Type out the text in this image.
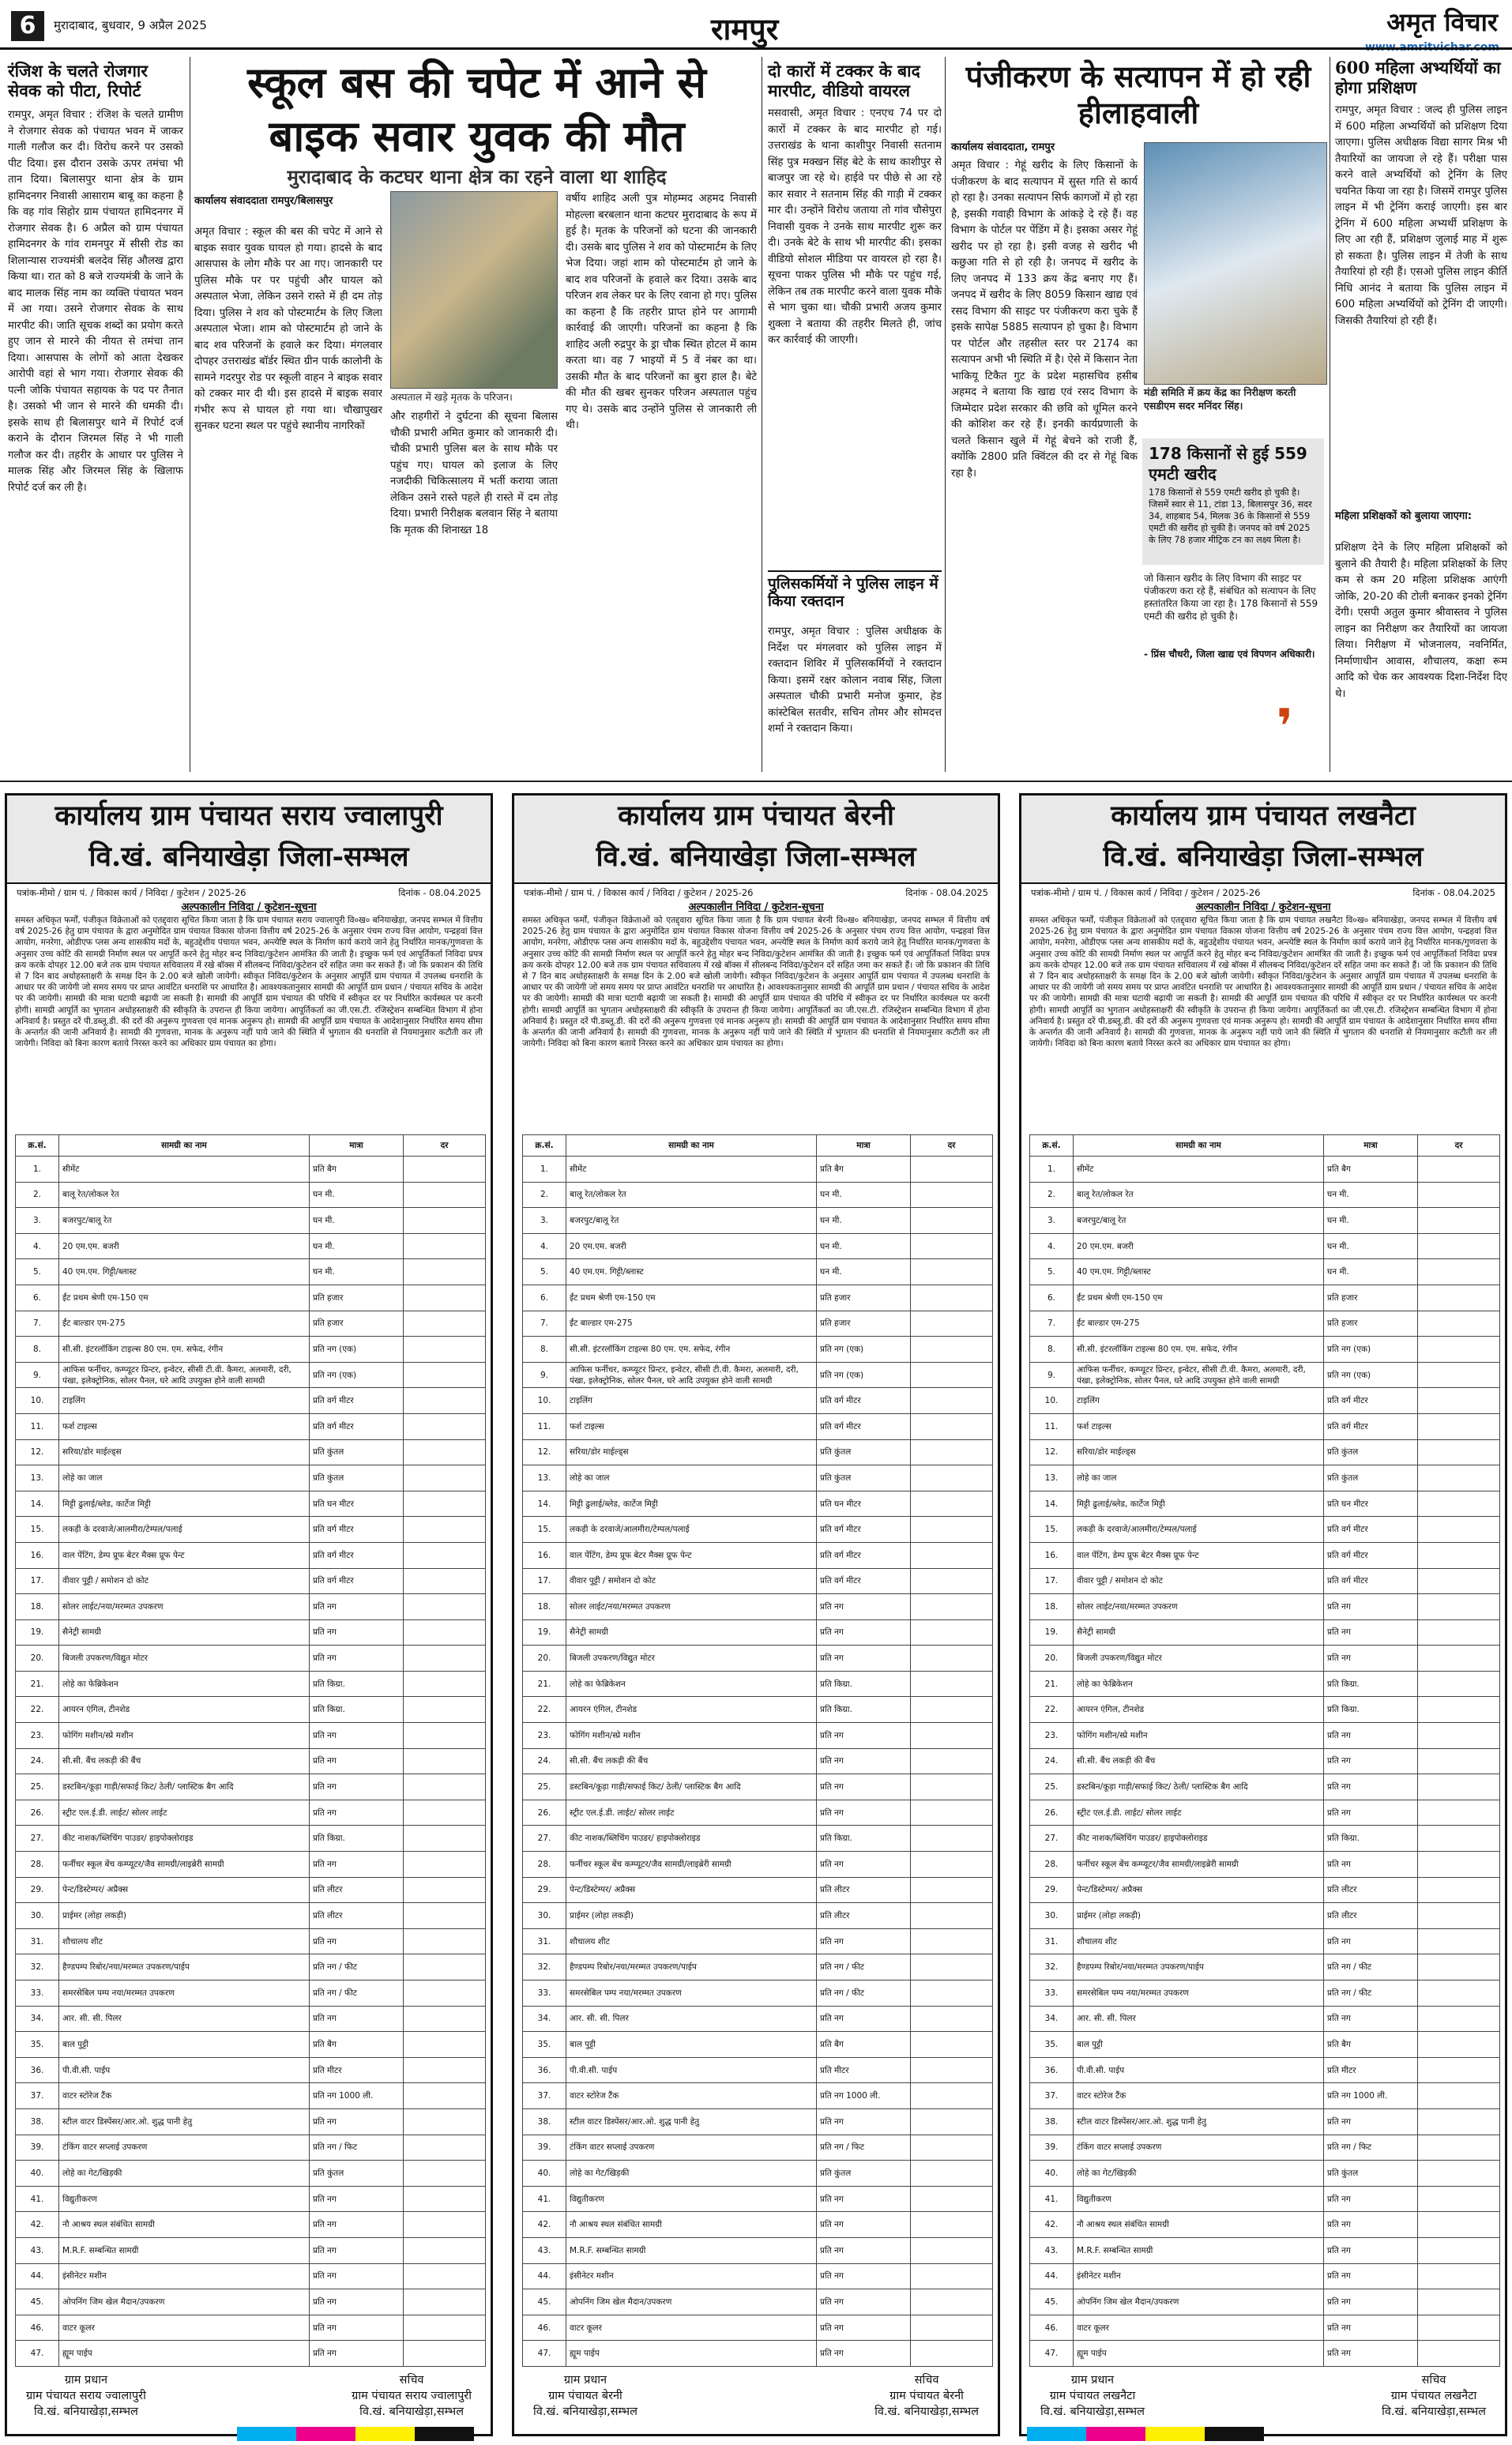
6	मुरादाबाद, बुधवार, 9 अप्रैल 2025	रामपुर	अमृत विचार
रंजिश के चलते रोजगार सेवक को पीटा, रिपोर्ट
रामपुर, अमृत विचार : रंजिश के चलते ग्रामीण ने रोजगार सेवक को पंचायत भवन में जाकर गाली गलौज कर दी। विरोध करने पर उसको पीट दिया। इस दौरान उसके ऊपर तमंचा भी तान दिया। बिलासपुर थाना क्षेत्र के ग्राम हामिदनगर निवासी आसाराम बाबू का कहना है कि वह गांव सिहोर ग्राम पंचायत हामिदनगर में रोजगार सेवक है। 6 अप्रैल को ग्राम पंचायत हामिदनगर के गांव रामनपुर में सीसी रोड का शिलान्यास राज्यमंत्री बलदेव सिंह औलख द्वारा किया था। रात को 8 बजे राज्यमंत्री के जाने के बाद मालक सिंह नाम का व्यक्ति पंचायत भवन में आ गया। उसने रोजगार सेवक के साथ मारपीट की। जाति सूचक शब्दों का प्रयोग करते हुए जान से मारने की नीयत से तमंचा तान दिया। आसपास के लोगों को आता देखकर आरोपी वहां से भाग गया। रोजगार सेवक की पत्नी जोकि पंचायत सहायक के पद पर तैनात है। उसको भी जान से मारने की धमकी दी। इसके साथ ही बिलासपुर थाने में रिपोर्ट दर्ज कराने के दौरान जिरमल सिंह ने भी गाली गलौज कर दी। तहरीर के आधार पर पुलिस ने मालक सिंह और जिरमल सिंह के खिलाफ रिपोर्ट दर्ज कर ली है।
स्कूल बस की चपेट में आने से
बाइक सवार युवक की मौत
मुरादाबाद के कटघर थाना क्षेत्र का रहने वाला था शाहिद
कार्यालय संवाददाता रामपुर/बिलासपुर
अमृत विचार : स्कूल की बस की चपेट में आने से बाइक सवार युवक घायल हो गया। हादसे के बाद आसपास के लोग मौके पर आ गए। जानकारी पर पुलिस मौके पर पर पहुंची और घायल को अस्पताल भेजा, लेकिन उसने रास्ते में ही दम तोड़ दिया। पुलिस ने शव को पोस्टमार्टम के लिए जिला अस्पताल भेजा। शाम को पोस्टमार्टम हो जाने के बाद शव परिजनों के हवाले कर दिया। मंगलवार दोपहर उत्तराखंड बॉर्डर स्थित ग्रीन पार्क कालोनी के सामने गदरपुर रोड पर स्कूली वाहन ने बाइक सवार को टक्कर मार दी थी। इस हादसे में बाइक सवार गंभीर रूप से घायल हो गया था। चौखापुखर सुनकर घटना स्थल पर पहुंचे स्थानीय नागरिकों
अस्पताल में खड़े मृतक के परिजन।
और राहगीरों ने दुर्घटना की सूचना बिलास चौकी प्रभारी अमित कुमार को जानकारी दी। चौकी प्रभारी पुलिस बल के साथ मौके पर पहुंच गए। घायल को इलाज के लिए नजदीकी चिकित्सालय में भर्ती कराया जाता लेकिन उसने रास्ते पहले ही रास्ते में दम तोड़ दिया। प्रभारी निरीक्षक बलवान सिंह ने बताया कि मृतक की शिनाख्त 18
वर्षीय शाहिद अली पुत्र मोहम्मद अहमद निवासी मोहल्ला बरबलान थाना कटघर मुरादाबाद के रूप में हुई है। मृतक के परिजनों को घटना की जानकारी दी। उसके बाद पुलिस ने शव को पोस्टमार्टम के लिए भेज दिया। जहां शाम को पोस्टमार्टम हो जाने के बाद शव परिजनों के हवाले कर दिया। उसके बाद परिजन शव लेकर घर के लिए रवाना हो गए। पुलिस का कहना है कि तहरीर प्राप्त होने पर आगामी कार्रवाई की जाएगी। परिजनों का कहना है कि शाहिद अली रुद्रपुर के ड्रा चौक स्थित होटल में काम करता था। वह 7 भाइयों में 5 वें नंबर का था। उसकी मौत के बाद परिजनों का बुरा हाल है। बेटे की मौत की खबर सुनकर परिजन अस्पताल पहुंच गए थे। उसके बाद उन्होंने पुलिस से जानकारी ली थी।
दो कारों में टक्कर के बाद मारपीट, वीडियो वायरल
मसवासी, अमृत विचार : एनएच 74 पर दो कारों में टक्कर के बाद मारपीट हो गई। उत्तराखंड के थाना काशीपुर निवासी सतनाम सिंह पुत्र मक्खन सिंह बेटे के साथ काशीपुर से बाजपुर जा रहे थे। हाईवे पर पीछे से आ रहे कार सवार ने सतनाम सिंह की गाड़ी में टक्कर मार दी। उन्होंने विरोध जताया तो गांव चौसेपुरा निवासी युवक ने उनके साथ मारपीट शुरू कर दी। उनके बेटे के साथ भी मारपीट की। इसका वीडियो सोशल मीडिया पर वायरल हो रहा है। सूचना पाकर पुलिस भी मौके पर पहुंच गई, लेकिन तब तक मारपीट करने वाला युवक मौके से भाग चुका था। चौकी प्रभारी अजय कुमार शुक्ला ने बताया की तहरीर मिलते ही, जांच कर कार्रवाई की जाएगी।
पुलिसकर्मियों ने पुलिस लाइन में किया रक्तदान
रामपुर, अमृत विचार : पुलिस अधीक्षक के निर्देश पर मंगलवार को पुलिस लाइन में रक्तदान शिविर में पुलिसकर्मियों ने रक्तदान किया। इसमें रक्षर कोलान नवाब सिंह, जिला अस्पताल चौकी प्रभारी मनोज कुमार, हेड कांस्टेबिल सतवीर, सचिन तोमर और सोमदत्त शर्मा ने रक्तदान किया।
पंजीकरण के सत्यापन में हो रही हीलाहवाली
कार्यालय संवाददाता, रामपुर
अमृत विचार : गेहूं खरीद के लिए किसानों के पंजीकरण के बाद सत्यापन में सुस्त गति से कार्य हो रहा है। उनका सत्यापन सिर्फ कागजों में हो रहा है, इसकी गवाही विभाग के आंकड़े दे रहे हैं। वह विभाग के पोर्टल पर पेंडिंग में है। इसका असर गेहूं खरीद पर हो रहा है। इसी वजह से खरीद भी कछुआ गति से हो रही है। जनपद में खरीद के लिए जनपद में 133 क्रय केंद्र बनाए गए हैं। जनपद में खरीद के लिए 8059 किसान खाद्य एवं रसद विभाग की साइट पर पंजीकरण करा चुके हैं इसके सापेक्ष 5885 सत्यापन हो चुका है। विभाग पर पोर्टल और तहसील स्तर पर 2174 का सत्यापन अभी भी स्थिति में है। ऐसे में किसान नेता भाकियू टिकैत गुट के प्रदेश महासचिव हसीब अहमद ने बताया कि खाद्य एवं रसद विभाग के जिम्मेदार प्रदेश सरकार की छवि को धूमिल करने की कोशिश कर रहे हैं। इनकी कार्यप्रणाली के चलते किसान खुले में गेहूं बेचने को राजी हैं, क्योंकि 2800 प्रति क्विंटल की दर से गेहूं बिक रहा है।
मंडी समिति में क्रय केंद्र का निरीक्षण करती एसडीएम सदर मनिंदर सिंह।
178 किसानों से हुई 559 एमटी खरीद
178 किसानों से 559 एमटी खरीद हो चुकी है। जिसमें स्वार से 11, टांडा 13, बिलासपुर 36, सदर 34, शाहबाद 54, मिलक 36 के किसानों से 559 एमटी की खरीद हो चुकी है। जनपद को वर्ष 2025 के लिए 78 हजार मीट्रिक टन का लक्ष्य मिला है।
जो किसान खरीद के लिए विभाग की साइट पर पंजीकरण करा रहे हैं, संबंधित को सत्यापन के लिए हस्तांतरित किया जा रहा है। 178 किसानों से 559 एमटी की खरीद हो चुकी है।
- प्रिंस चौधरी, जिला खाद्य एवं विपणन अधिकारी।
❜
600 महिला अभ्यर्थियों का होगा प्रशिक्षण
रामपुर, अमृत विचार : जल्द ही पुलिस लाइन में 600 महिला अभ्यर्थियों को प्रशिक्षण दिया जाएगा। पुलिस अधीक्षक विद्या सागर मिश्र भी तैयारियों का जायजा ले रहे हैं। परीक्षा पास करने वाले अभ्यर्थियों को ट्रेनिंग के लिए चयनित किया जा रहा है। जिसमें रामपुर पुलिस लाइन में भी ट्रेनिंग कराई जाएगी। इस बार ट्रेनिंग में 600 महिला अभ्यर्थी प्रशिक्षण के लिए आ रही हैं, प्रशिक्षण जुलाई माह में शुरू हो सकता है। पुलिस लाइन में तेजी के साथ तैयारियां हो रही हैं। एसओ पुलिस लाइन कीर्ति निधि आनंद ने बताया कि पुलिस लाइन में 600 महिला अभ्यर्थियों को ट्रेनिंग दी जाएगी। जिसकी तैयारियां हो रही हैं।
महिला प्रशिक्षकों को बुलाया जाएगा:
प्रशिक्षण देने के लिए महिला प्रशिक्षकों को बुलाने की तैयारी है। महिला प्रशिक्षकों के लिए कम से कम 20 महिला प्रशिक्षक आएंगी जोकि, 20-20 की टोली बनाकर इनको ट्रेनिंग देंगी। एसपी अतुल कुमार श्रीवास्तव ने पुलिस लाइन का निरीक्षण कर तैयारियों का जायजा लिया। निरीक्षण में भोजनालय, नवनिर्मित, निर्माणाधीन आवास, शौचालय, कक्षा रूम आदि को चेक कर आवश्यक दिशा-निर्देश दिए थे।
कार्यालय ग्राम पंचायत सराय ज्वालापुरी
वि.खं. बनियाखेड़ा जिला-सम्भल
पत्रांक-मीमो / ग्राम पं. / विकास कार्य / निविदा / कुटेशन / 2025-26	दिनांक - 08.04.2025
अल्पकालीन निविदा / कुटेशन-सूचना
समस्त अधिकृत फर्मों, पंजीकृत विक्रेताओं को एतद्द्वारा सूचित किया जाता है कि ग्राम पंचायत सराय ज्वालापुरी वि०ख० बनियाखेड़ा, जनपद सम्भल में वित्तीय वर्ष 2025-26 हेतु ग्राम पंचायत के द्वारा अनुमोदित ग्राम पंचायत विकास योजना वित्तीय वर्ष 2025-26 के अनुसार पंचम राज्य वित्त आयोग, पन्द्रहवां वित्त आयोग, मनरेगा, ओडीएफ प्लस अन्य शासकीय मदों के, बहुउद्देशीय पंचायत भवन, अन्त्येष्टि स्थल के निर्माण कार्य कराये जाने हेतु निर्धारित मानक/गुणवत्ता के अनुसार उच्च कोटि की सामग्री निर्माण स्थल पर आपूर्ति करने हेतु मोहर बन्द निविदा/कुटेशन आमंत्रित की जाती है। इच्छुक फर्म एवं आपूर्तिकर्ता निविदा प्रपत्र क्रय करके दोपहर 12.00 बजे तक ग्राम पंचायत सचिवालय में रखे बॉक्स में सीलबन्द निविदा/कुटेशन दरें सहित जमा कर सकते हैं। जो कि प्रकाशन की तिथि से 7 दिन बाद अधोहस्ताक्षरी के समक्ष दिन के 2.00 बजे खोली जायेगी। स्वीकृत निविदा/कुटेशन के अनुसार आपूर्ति ग्राम पंचायत में उपलब्ध धनराशि के आधार पर की जायेगी जो समय समय पर प्राप्त आवंटित धनराशि पर आधारित है। आवश्यकतानुसार सामग्री की आपूर्ति ग्राम प्रधान / पंचायत सचिव के आदेश पर की जायेगी। सामग्री की मात्रा घटायी बढ़ायी जा सकती है। सामग्री की आपूर्ति ग्राम पंचायत की परिधि में स्वीकृत दर पर निर्धारित कार्यस्थल पर करनी होगी। सामग्री आपूर्ति का भुगतान अधोहस्ताक्षरी की स्वीकृति के उपरान्त ही किया जायेगा। आपूर्तिकर्ता का जी.एस.टी. रजिस्ट्रेशन सम्बन्धित विभाग में होना अनिवार्य है। प्रस्तुत दरें पी.डब्लू.डी. की दरों की अनुरूप गुणवत्ता एवं मानक अनुरूप हो। सामग्री की आपूर्ति ग्राम पंचायत के आदेशानुसार निर्धारित समय सीमा के अन्तर्गत की जानी अनिवार्य है। सामग्री की गुणवत्ता, मानक के अनुरूप नहीं पाये जाने की स्थिति में भुगतान की धनराशि से नियमानुसार कटौती कर ली जायेगी। निविदा को बिना कारण बताये निरस्त करने का अधिकार ग्राम पंचायत का होगा।
क्र.सं.	सामग्री का नाम	मात्रा	दर
1.	सीमेंट	प्रति बैग	
2.	बालू रेत/लोकल रेत	घन मी.	
3.	बजरपुट/बालू रेत	घन मी.	
4.	20 एम.एम. बजरी	घन मी.	
5.	40 एम.एम. गिट्टी/ब्लास्ट	घन मी.	
6.	ईंट प्रथम श्रेणी एम-150 एम	प्रति हजार	
7.	ईंट बाल्डार एम-275	प्रति हजार	
8.	सी.सी. इंटरलॉकिंग टाइल्स 80 एम. एम. सफेद, रंगीन	प्रति नग (एक)	
9.	आफिस फर्नीचर, कम्प्यूटर प्रिन्टर, इन्वेटर, सीसी टी.वी. कैमरा, अलमारी, दरी, पंखा, इलेक्ट्रोनिक, सोलर पैनल, घरे आदि उपयुक्त होने वाली सामग्री	प्रति नग (एक)	
10.	टाइलिंग	प्रति वर्ग मीटर	
11.	फर्श टाइल्स	प्रति वर्ग मीटर	
12.	सरिया/डोर माईल्ड्स	प्रति कुंतल	
13.	लोहे का जाल	प्रति कुंतल	
14.	मिट्टी ढुलाई/ब्लेड, कार्टेज मिट्टी	प्रति घन मीटर	
15.	लकड़ी के दरवाजे/आलमीरा/टेम्पल/पलाई	प्रति वर्ग मीटर	
16.	वाल पेंटिंग, डेम्प प्रूफ बेटर मैक्स प्रूफ पेन्ट	प्रति वर्ग मीटर	
17.	वीवार पुट्टी / समोशन दो कोट	प्रति वर्ग मीटर	
18.	सोलर लाईट/नया/मरम्मत उपकरण	प्रति नग	
19.	सैनेट्री सामग्री	प्रति नग	
20.	बिजली उपकरण/विद्युत मोटर	प्रति नग	
21.	लोहे का फेब्रिकेशन	प्रति किग्रा.	
22.	आयरन एंगिल, टीनशेड	प्रति किग्रा.	
23.	फोगिंग मशीन/स्प्रे मशीन	प्रति नग	
24.	सी.सी. बैंच लकड़ी की बैंच	प्रति नग	
25.	डस्टबिन/कूड़ा गाड़ी/सफाई किट/ ठेली/ प्लास्टिक बैग आदि	प्रति नग	
26.	स्ट्रीट एल.ई.डी. लाईट/ सोलर लाईट	प्रति नग	
27.	कीट नाशक/ब्लिचिंग पाउडर/ हाइपोक्लोराइड	प्रति किग्रा.	
28.	फर्नीचर स्कूल बेंच कम्प्यूटर/जैव सामग्री/लाइब्रेरी सामग्री	प्रति नग	
29.	पेन्ट/डिस्टेम्पर/ अप्रैक्स	प्रति लीटर	
30.	प्राईमर (लोहा लकड़ी)	प्रति लीटर	
31.	शौचालय शीट	प्रति नग	
32.	हैण्डपम्प रिबोर/नया/मरम्मत उपकरण/पाईप	प्रति नग / फीट	
33.	समरसेबिल पम्प नया/मरम्मत उपकरण	प्रति नग / फीट	
34.	आर. सी. सी. पिलर	प्रति नग	
35.	बाल पुट्टी	प्रति बैग	
36.	पी.वी.सी. पाईप	प्रति मीटर	
37.	वाटर स्टोरेज टैंक	प्रति नग 1000 ली.	
38.	स्टील वाटर डिस्पेंसर/आर.ओ. शुद्ध पानी हेतु	प्रति नग	
39.	टंकिंग वाटर सप्लाई उपकरण	प्रति नग / फिट	
40.	लोहे का गेट/खिड़की	प्रति कुंतल	
41.	विद्युतीकरण	प्रति नग	
42.	नौ आश्रय स्थल संबंधित सामग्री	प्रति नग	
43.	M.R.F. सम्बन्धित सामग्री	प्रति नग	
44.	इंसीनेटर मशीन	प्रति नग	
45.	ओपनिंग जिम खेल मैदान/उपकरण	प्रति नग	
46.	वाटर कूलर	प्रति नग	
47.	ह्यूम पाईप	प्रति नग	
ग्राम प्रधान
ग्राम पंचायत सराय ज्वालापुरी
वि.खं. बनियाखेड़ा,सम्भल
सचिव
ग्राम पंचायत सराय ज्वालापुरी
वि.खं. बनियाखेड़ा,सम्भल
कार्यालय ग्राम पंचायत बेरनी
वि.खं. बनियाखेड़ा जिला-सम्भल
पत्रांक-मीमो / ग्राम पं. / विकास कार्य / निविदा / कुटेशन / 2025-26	दिनांक - 08.04.2025
अल्पकालीन निविदा / कुटेशन-सूचना
समस्त अधिकृत फर्मों, पंजीकृत विक्रेताओं को एतद्द्वारा सूचित किया जाता है कि ग्राम पंचायत बेरनी वि०ख० बनियाखेड़ा, जनपद सम्भल में वित्तीय वर्ष 2025-26 हेतु ग्राम पंचायत के द्वारा अनुमोदित ग्राम पंचायत विकास योजना वित्तीय वर्ष 2025-26 के अनुसार पंचम राज्य वित्त आयोग, पन्द्रहवां वित्त आयोग, मनरेगा, ओडीएफ प्लस अन्य शासकीय मदों के, बहुउद्देशीय पंचायत भवन, अन्त्येष्टि स्थल के निर्माण कार्य कराये जाने हेतु निर्धारित मानक/गुणवत्ता के अनुसार उच्च कोटि की सामग्री निर्माण स्थल पर आपूर्ति करने हेतु मोहर बन्द निविदा/कुटेशन आमंत्रित की जाती है। इच्छुक फर्म एवं आपूर्तिकर्ता निविदा प्रपत्र क्रय करके दोपहर 12.00 बजे तक ग्राम पंचायत सचिवालय में रखे बॉक्स में सीलबन्द निविदा/कुटेशन दरें सहित जमा कर सकते हैं। जो कि प्रकाशन की तिथि से 7 दिन बाद अधोहस्ताक्षरी के समक्ष दिन के 2.00 बजे खोली जायेगी। स्वीकृत निविदा/कुटेशन के अनुसार आपूर्ति ग्राम पंचायत में उपलब्ध धनराशि के आधार पर की जायेगी जो समय समय पर प्राप्त आवंटित धनराशि पर आधारित है। आवश्यकतानुसार सामग्री की आपूर्ति ग्राम प्रधान / पंचायत सचिव के आदेश पर की जायेगी। सामग्री की मात्रा घटायी बढ़ायी जा सकती है। सामग्री की आपूर्ति ग्राम पंचायत की परिधि में स्वीकृत दर पर निर्धारित कार्यस्थल पर करनी होगी। सामग्री आपूर्ति का भुगतान अधोहस्ताक्षरी की स्वीकृति के उपरान्त ही किया जायेगा। आपूर्तिकर्ता का जी.एस.टी. रजिस्ट्रेशन सम्बन्धित विभाग में होना अनिवार्य है। प्रस्तुत दरें पी.डब्लू.डी. की दरों की अनुरूप गुणवत्ता एवं मानक अनुरूप हो। सामग्री की आपूर्ति ग्राम पंचायत के आदेशानुसार निर्धारित समय सीमा के अन्तर्गत की जानी अनिवार्य है। सामग्री की गुणवत्ता, मानक के अनुरूप नहीं पाये जाने की स्थिति में भुगतान की धनराशि से नियमानुसार कटौती कर ली जायेगी। निविदा को बिना कारण बताये निरस्त करने का अधिकार ग्राम पंचायत का होगा।
क्र.सं.	सामग्री का नाम	मात्रा	दर
1.	सीमेंट	प्रति बैग	
2.	बालू रेत/लोकल रेत	घन मी.	
3.	बजरपुट/बालू रेत	घन मी.	
4.	20 एम.एम. बजरी	घन मी.	
5.	40 एम.एम. गिट्टी/ब्लास्ट	घन मी.	
6.	ईंट प्रथम श्रेणी एम-150 एम	प्रति हजार	
7.	ईंट बाल्डार एम-275	प्रति हजार	
8.	सी.सी. इंटरलॉकिंग टाइल्स 80 एम. एम. सफेद, रंगीन	प्रति नग (एक)	
9.	आफिस फर्नीचर, कम्प्यूटर प्रिन्टर, इन्वेटर, सीसी टी.वी. कैमरा, अलमारी, दरी, पंखा, इलेक्ट्रोनिक, सोलर पैनल, घरे आदि उपयुक्त होने वाली सामग्री	प्रति नग (एक)	
10.	टाइलिंग	प्रति वर्ग मीटर	
11.	फर्श टाइल्स	प्रति वर्ग मीटर	
12.	सरिया/डोर माईल्ड्स	प्रति कुंतल	
13.	लोहे का जाल	प्रति कुंतल	
14.	मिट्टी ढुलाई/ब्लेड, कार्टेज मिट्टी	प्रति घन मीटर	
15.	लकड़ी के दरवाजे/आलमीरा/टेम्पल/पलाई	प्रति वर्ग मीटर	
16.	वाल पेंटिंग, डेम्प प्रूफ बेटर मैक्स प्रूफ पेन्ट	प्रति वर्ग मीटर	
17.	वीवार पुट्टी / समोशन दो कोट	प्रति वर्ग मीटर	
18.	सोलर लाईट/नया/मरम्मत उपकरण	प्रति नग	
19.	सैनेट्री सामग्री	प्रति नग	
20.	बिजली उपकरण/विद्युत मोटर	प्रति नग	
21.	लोहे का फेब्रिकेशन	प्रति किग्रा.	
22.	आयरन एंगिल, टीनशेड	प्रति किग्रा.	
23.	फोगिंग मशीन/स्प्रे मशीन	प्रति नग	
24.	सी.सी. बैंच लकड़ी की बैंच	प्रति नग	
25.	डस्टबिन/कूड़ा गाड़ी/सफाई किट/ ठेली/ प्लास्टिक बैग आदि	प्रति नग	
26.	स्ट्रीट एल.ई.डी. लाईट/ सोलर लाईट	प्रति नग	
27.	कीट नाशक/ब्लिचिंग पाउडर/ हाइपोक्लोराइड	प्रति किग्रा.	
28.	फर्नीचर स्कूल बेंच कम्प्यूटर/जैव सामग्री/लाइब्रेरी सामग्री	प्रति नग	
29.	पेन्ट/डिस्टेम्पर/ अप्रैक्स	प्रति लीटर	
30.	प्राईमर (लोहा लकड़ी)	प्रति लीटर	
31.	शौचालय शीट	प्रति नग	
32.	हैण्डपम्प रिबोर/नया/मरम्मत उपकरण/पाईप	प्रति नग / फीट	
33.	समरसेबिल पम्प नया/मरम्मत उपकरण	प्रति नग / फीट	
34.	आर. सी. सी. पिलर	प्रति नग	
35.	बाल पुट्टी	प्रति बैग	
36.	पी.वी.सी. पाईप	प्रति मीटर	
37.	वाटर स्टोरेज टैंक	प्रति नग 1000 ली.	
38.	स्टील वाटर डिस्पेंसर/आर.ओ. शुद्ध पानी हेतु	प्रति नग	
39.	टंकिंग वाटर सप्लाई उपकरण	प्रति नग / फिट	
40.	लोहे का गेट/खिड़की	प्रति कुंतल	
41.	विद्युतीकरण	प्रति नग	
42.	नौ आश्रय स्थल संबंधित सामग्री	प्रति नग	
43.	M.R.F. सम्बन्धित सामग्री	प्रति नग	
44.	इंसीनेटर मशीन	प्रति नग	
45.	ओपनिंग जिम खेल मैदान/उपकरण	प्रति नग	
46.	वाटर कूलर	प्रति नग	
47.	ह्यूम पाईप	प्रति नग	
ग्राम प्रधान
ग्राम पंचायत बेरनी
वि.खं. बनियाखेड़ा,सम्भल
सचिव
ग्राम पंचायत बेरनी
वि.खं. बनियाखेड़ा,सम्भल
कार्यालय ग्राम पंचायत लखनैटा
वि.खं. बनियाखेड़ा जिला-सम्भल
पत्रांक-मीमो / ग्राम पं. / विकास कार्य / निविदा / कुटेशन / 2025-26	दिनांक - 08.04.2025
अल्पकालीन निविदा / कुटेशन-सूचना
समस्त अधिकृत फर्मों, पंजीकृत विक्रेताओं को एतद्द्वारा सूचित किया जाता है कि ग्राम पंचायत लखनैटा वि०ख० बनियाखेड़ा, जनपद सम्भल में वित्तीय वर्ष 2025-26 हेतु ग्राम पंचायत के द्वारा अनुमोदित ग्राम पंचायत विकास योजना वित्तीय वर्ष 2025-26 के अनुसार पंचम राज्य वित्त आयोग, पन्द्रहवां वित्त आयोग, मनरेगा, ओडीएफ प्लस अन्य शासकीय मदों के, बहुउद्देशीय पंचायत भवन, अन्त्येष्टि स्थल के निर्माण कार्य कराये जाने हेतु निर्धारित मानक/गुणवत्ता के अनुसार उच्च कोटि की सामग्री निर्माण स्थल पर आपूर्ति करने हेतु मोहर बन्द निविदा/कुटेशन आमंत्रित की जाती है। इच्छुक फर्म एवं आपूर्तिकर्ता निविदा प्रपत्र क्रय करके दोपहर 12.00 बजे तक ग्राम पंचायत सचिवालय में रखे बॉक्स में सीलबन्द निविदा/कुटेशन दरें सहित जमा कर सकते हैं। जो कि प्रकाशन की तिथि से 7 दिन बाद अधोहस्ताक्षरी के समक्ष दिन के 2.00 बजे खोली जायेगी। स्वीकृत निविदा/कुटेशन के अनुसार आपूर्ति ग्राम पंचायत में उपलब्ध धनराशि के आधार पर की जायेगी जो समय समय पर प्राप्त आवंटित धनराशि पर आधारित है। आवश्यकतानुसार सामग्री की आपूर्ति ग्राम प्रधान / पंचायत सचिव के आदेश पर की जायेगी। सामग्री की मात्रा घटायी बढ़ायी जा सकती है। सामग्री की आपूर्ति ग्राम पंचायत की परिधि में स्वीकृत दर पर निर्धारित कार्यस्थल पर करनी होगी। सामग्री आपूर्ति का भुगतान अधोहस्ताक्षरी की स्वीकृति के उपरान्त ही किया जायेगा। आपूर्तिकर्ता का जी.एस.टी. रजिस्ट्रेशन सम्बन्धित विभाग में होना अनिवार्य है। प्रस्तुत दरें पी.डब्लू.डी. की दरों की अनुरूप गुणवत्ता एवं मानक अनुरूप हो। सामग्री की आपूर्ति ग्राम पंचायत के आदेशानुसार निर्धारित समय सीमा के अन्तर्गत की जानी अनिवार्य है। सामग्री की गुणवत्ता, मानक के अनुरूप नहीं पाये जाने की स्थिति में भुगतान की धनराशि से नियमानुसार कटौती कर ली जायेगी। निविदा को बिना कारण बताये निरस्त करने का अधिकार ग्राम पंचायत का होगा।
क्र.सं.	सामग्री का नाम	मात्रा	दर
1.	सीमेंट	प्रति बैग	
2.	बालू रेत/लोकल रेत	घन मी.	
3.	बजरपुट/बालू रेत	घन मी.	
4.	20 एम.एम. बजरी	घन मी.	
5.	40 एम.एम. गिट्टी/ब्लास्ट	घन मी.	
6.	ईंट प्रथम श्रेणी एम-150 एम	प्रति हजार	
7.	ईंट बाल्डार एम-275	प्रति हजार	
8.	सी.सी. इंटरलॉकिंग टाइल्स 80 एम. एम. सफेद, रंगीन	प्रति नग (एक)	
9.	आफिस फर्नीचर, कम्प्यूटर प्रिन्टर, इन्वेटर, सीसी टी.वी. कैमरा, अलमारी, दरी, पंखा, इलेक्ट्रोनिक, सोलर पैनल, घरे आदि उपयुक्त होने वाली सामग्री	प्रति नग (एक)	
10.	टाइलिंग	प्रति वर्ग मीटर	
11.	फर्श टाइल्स	प्रति वर्ग मीटर	
12.	सरिया/डोर माईल्ड्स	प्रति कुंतल	
13.	लोहे का जाल	प्रति कुंतल	
14.	मिट्टी ढुलाई/ब्लेड, कार्टेज मिट्टी	प्रति घन मीटर	
15.	लकड़ी के दरवाजे/आलमीरा/टेम्पल/पलाई	प्रति वर्ग मीटर	
16.	वाल पेंटिंग, डेम्प प्रूफ बेटर मैक्स प्रूफ पेन्ट	प्रति वर्ग मीटर	
17.	वीवार पुट्टी / समोशन दो कोट	प्रति वर्ग मीटर	
18.	सोलर लाईट/नया/मरम्मत उपकरण	प्रति नग	
19.	सैनेट्री सामग्री	प्रति नग	
20.	बिजली उपकरण/विद्युत मोटर	प्रति नग	
21.	लोहे का फेब्रिकेशन	प्रति किग्रा.	
22.	आयरन एंगिल, टीनशेड	प्रति किग्रा.	
23.	फोगिंग मशीन/स्प्रे मशीन	प्रति नग	
24.	सी.सी. बैंच लकड़ी की बैंच	प्रति नग	
25.	डस्टबिन/कूड़ा गाड़ी/सफाई किट/ ठेली/ प्लास्टिक बैग आदि	प्रति नग	
26.	स्ट्रीट एल.ई.डी. लाईट/ सोलर लाईट	प्रति नग	
27.	कीट नाशक/ब्लिचिंग पाउडर/ हाइपोक्लोराइड	प्रति किग्रा.	
28.	फर्नीचर स्कूल बेंच कम्प्यूटर/जैव सामग्री/लाइब्रेरी सामग्री	प्रति नग	
29.	पेन्ट/डिस्टेम्पर/ अप्रैक्स	प्रति लीटर	
30.	प्राईमर (लोहा लकड़ी)	प्रति लीटर	
31.	शौचालय शीट	प्रति नग	
32.	हैण्डपम्प रिबोर/नया/मरम्मत उपकरण/पाईप	प्रति नग / फीट	
33.	समरसेबिल पम्प नया/मरम्मत उपकरण	प्रति नग / फीट	
34.	आर. सी. सी. पिलर	प्रति नग	
35.	बाल पुट्टी	प्रति बैग	
36.	पी.वी.सी. पाईप	प्रति मीटर	
37.	वाटर स्टोरेज टैंक	प्रति नग 1000 ली.	
38.	स्टील वाटर डिस्पेंसर/आर.ओ. शुद्ध पानी हेतु	प्रति नग	
39.	टंकिंग वाटर सप्लाई उपकरण	प्रति नग / फिट	
40.	लोहे का गेट/खिड़की	प्रति कुंतल	
41.	विद्युतीकरण	प्रति नग	
42.	नौ आश्रय स्थल संबंधित सामग्री	प्रति नग	
43.	M.R.F. सम्बन्धित सामग्री	प्रति नग	
44.	इंसीनेटर मशीन	प्रति नग	
45.	ओपनिंग जिम खेल मैदान/उपकरण	प्रति नग	
46.	वाटर कूलर	प्रति नग	
47.	ह्यूम पाईप	प्रति नग	
ग्राम प्रधान
ग्राम पंचायत लखनैटा
वि.खं. बनियाखेड़ा,सम्भल
सचिव
ग्राम पंचायत लखनैटा
वि.खं. बनियाखेड़ा,सम्भल
